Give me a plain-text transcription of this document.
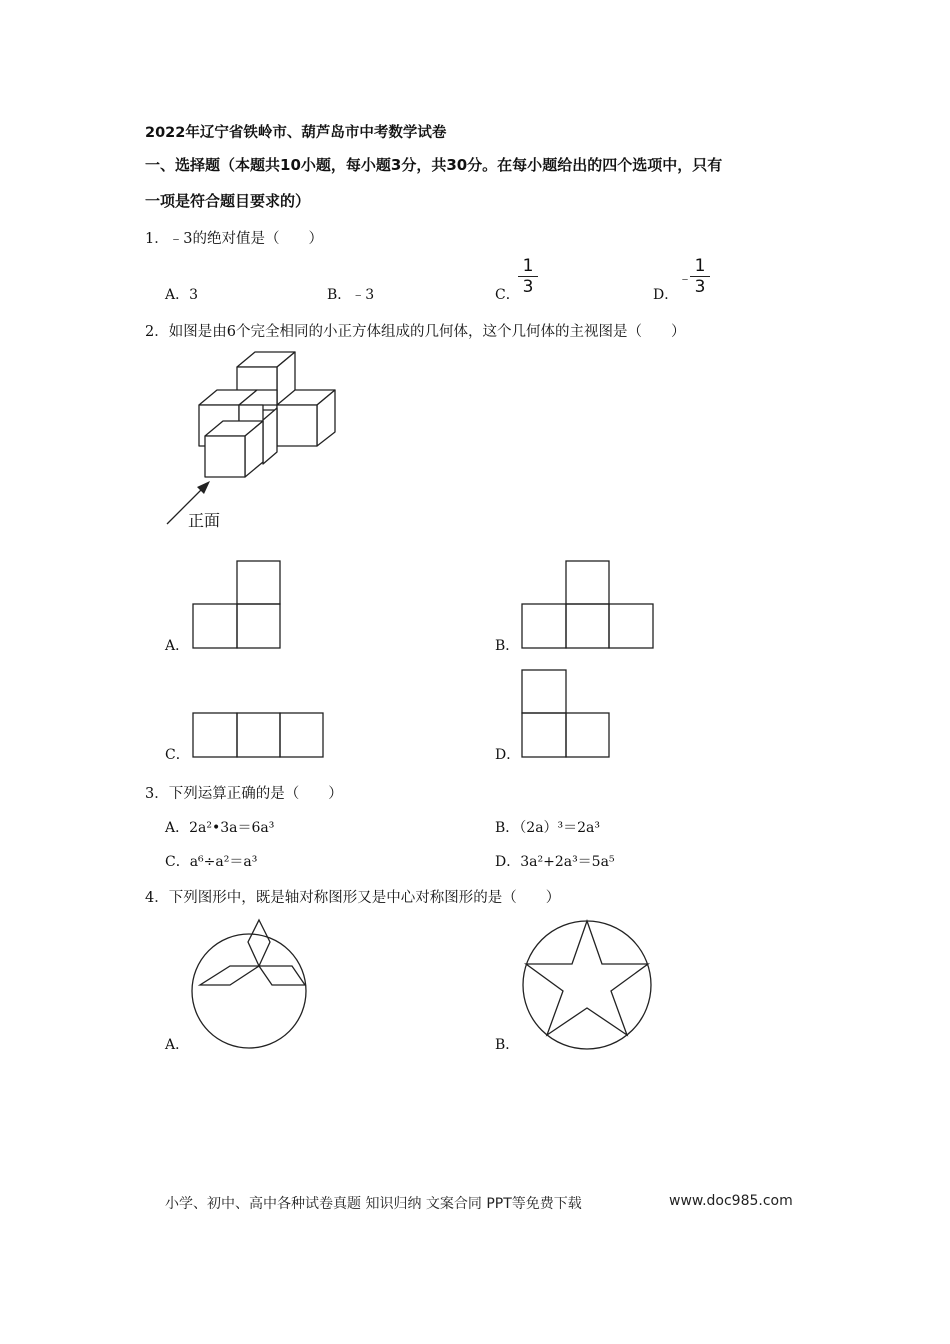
2022年辽宁省铁岭市、葫芦岛市中考数学试卷
一、选择题（本题共10小题，每小题3分，共30分。在每小题给出的四个选项中，只有
一项是符合题目要求的）
1．﹣3的绝对值是（　　）
A．3	B．﹣3	C．
$\frac{1}{3}$	D．
﹣
$\frac{1}{3}$
2．如图是由6个完全相同的小正方体组成的几何体，这个几何体的主视图是（　　）
正面
A．	B．
C．	D．
3．下列运算正确的是（　　）
A．2a²•3a＝6a³	B．（2a）³＝2a³
C．a⁶÷a²＝a³	D．3a²+2a³＝5a⁵
4．下列图形中，既是轴对称图形又是中心对称图形的是（　　）
A．	B．
小学、初中、高中各种试卷真题 知识归纳 文案合同 PPT等免费下载	www.doc985.com
